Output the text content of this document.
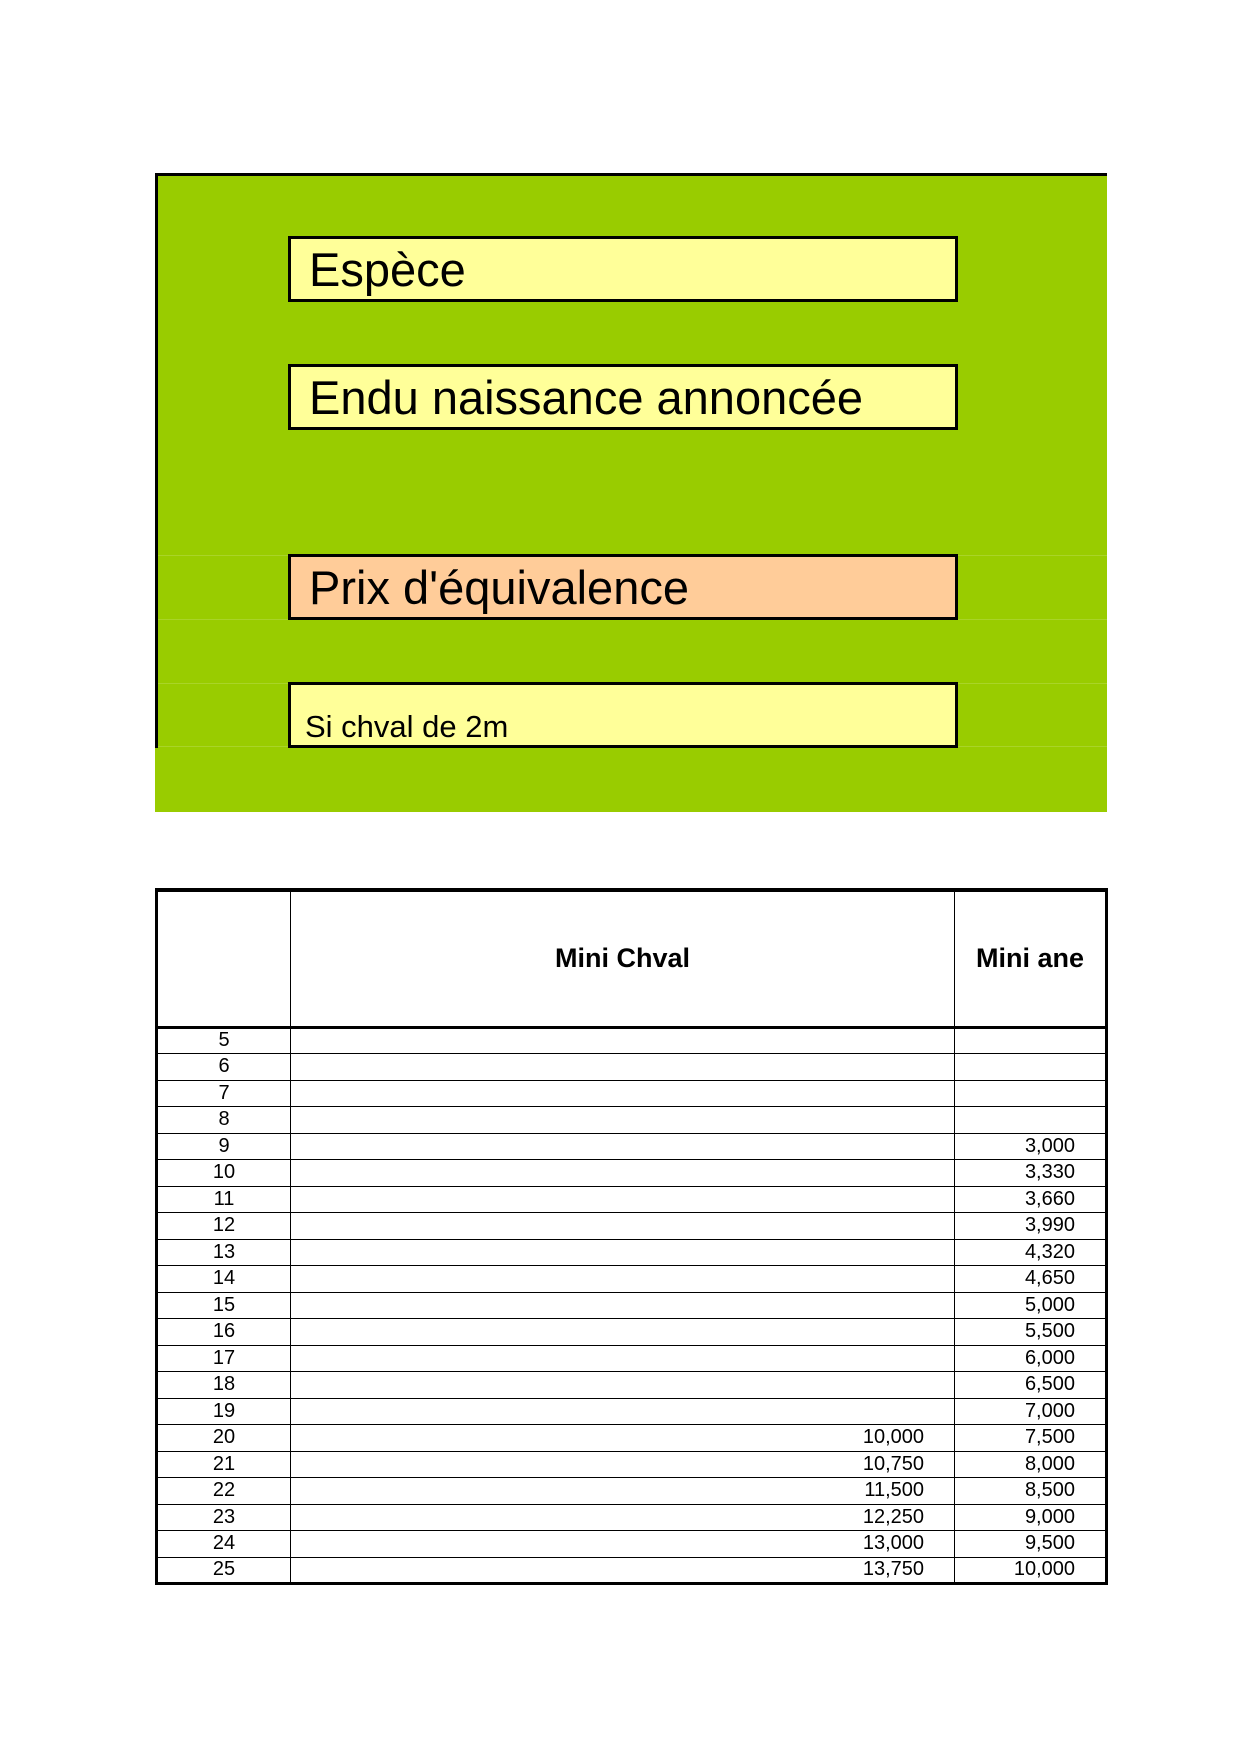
Espèce
Endu naissance annoncée
Prix d'équivalence
Si chval de 2m
	Mini Chval	Mini ane
5		
6		
7		
8		
9		3,000
10		3,330
11		3,660
12		3,990
13		4,320
14		4,650
15		5,000
16		5,500
17		6,000
18		6,500
19		7,000
20	10,000	7,500
21	10,750	8,000
22	11,500	8,500
23	12,250	9,000
24	13,000	9,500
25	13,750	10,000
